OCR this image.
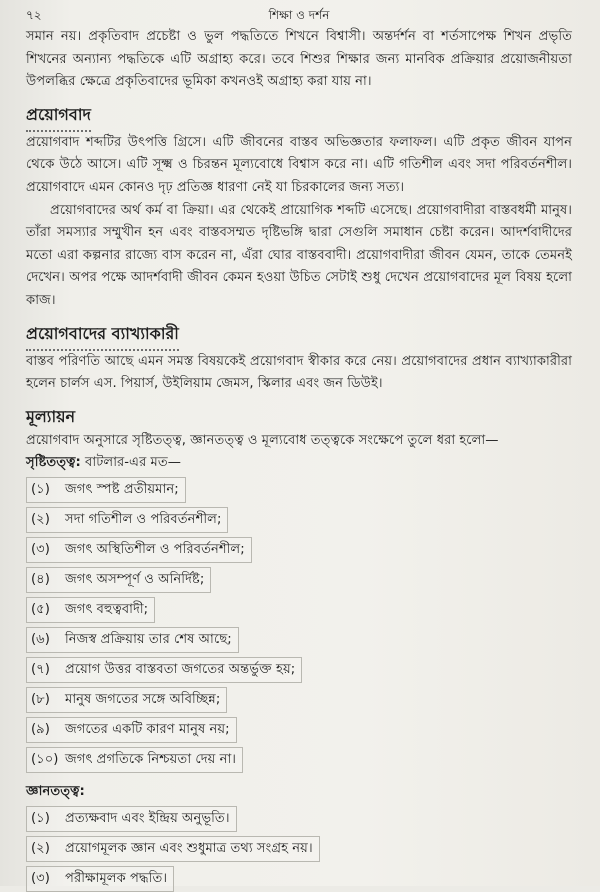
৭২	শিক্ষা ও দর্শন

সমান নয়। প্রকৃতিবাদ প্রচেষ্টা ও ভুল পদ্ধতিতে শিখনে বিশ্বাসী। অন্তর্দর্শন বা শর্তসাপেক্ষ শিখন প্রভৃতি শিখনের অন্যান্য পদ্ধতিকে এটি অগ্রাহ্য করে। তবে শিশুর শিক্ষার জন্য মানবিক প্রক্রিয়ার প্রয়োজনীয়তা উপলব্ধির ক্ষেত্রে প্রকৃতিবাদের ভূমিকা কখনওই অগ্রাহ্য করা যায় না।

প্রয়োগবাদ

প্রয়োগবাদ শব্দটির উৎপত্তি গ্রিসে। এটি জীবনের বাস্তব অভিজ্ঞতার ফলাফল। এটি প্রকৃত জীবন যাপন থেকে উঠে আসে। এটি সূক্ষ্ম ও চিরন্তন মূল্যবোধে বিশ্বাস করে না। এটি গতিশীল এবং সদা পরিবর্তনশীল। প্রয়োগবাদে এমন কোনও দৃঢ় প্রতিজ্ঞ ধারণা নেই যা চিরকালের জন্য সত্য।

প্রয়োগবাদের অর্থ কর্ম বা ক্রিয়া। এর থেকেই প্রায়োগিক শব্দটি এসেছে। প্রয়োগবাদীরা বাস্তবধর্মী মানুষ। তাঁরা সমস্যার সম্মুখীন হন এবং বাস্তবসম্মত দৃষ্টিভঙ্গি দ্বারা সেগুলি সমাধান চেষ্টা করেন। আদর্শবাদীদের মতো এরা কল্পনার রাজ্যে বাস করেন না, এঁরা ঘোর বাস্তববাদী। প্রয়োগবাদীরা জীবন যেমন, তাকে তেমনই দেখেন। অপর পক্ষে আদর্শবাদী জীবন কেমন হওয়া উচিত সেটাই শুধু দেখেন প্রয়োগবাদের মূল বিষয় হলো কাজ।

প্রয়োগবাদের ব্যাখ্যাকারী

বাস্তব পরিণতি আছে এমন সমস্ত বিষয়কেই প্রয়োগবাদ স্বীকার করে নেয়। প্রয়োগবাদের প্রধান ব্যাখ্যাকারীরা হলেন চার্লস এস. পিয়ার্স, উইলিয়াম জেমস, স্কিলার এবং জন ডিউই।

মূল্যায়ন

প্রয়োগবাদ অনুসারে সৃষ্টিতত্ত্ব, জ্ঞানতত্ত্ব ও মূল্যবোধ তত্ত্বকে সংক্ষেপে তুলে ধরা হলো—

সৃষ্টিতত্ত্ব: বাটলার-এর মত—
(১) জগৎ স্পষ্ট প্রতীয়মান;
(২) সদা গতিশীল ও পরিবর্তনশীল;
(৩) জগৎ অস্থিতিশীল ও পরিবর্তনশীল;
(৪) জগৎ অসম্পূর্ণ ও অনির্দিষ্ট;
(৫) জগৎ বহুত্ববাদী;
(৬) নিজস্ব প্রক্রিয়ায় তার শেষ আছে;
(৭) প্রয়োগ উত্তর বাস্তবতা জগতের অন্তর্ভুক্ত হয়;
(৮) মানুষ জগতের সঙ্গে অবিচ্ছিন্ন;
(৯) জগতের একটি কারণ মানুষ নয়;
(১০) জগৎ প্রগতিকে নিশ্চয়তা দেয় না।
জ্ঞানতত্ত্ব:
(১) প্রত্যক্ষবাদ এবং ইন্দ্রিয় অনুভূতি।
(২) প্রয়োগমূলক জ্ঞান এবং শুধুমাত্র তথ্য সংগ্রহ নয়।
(৩) পরীক্ষামূলক পদ্ধতি।
